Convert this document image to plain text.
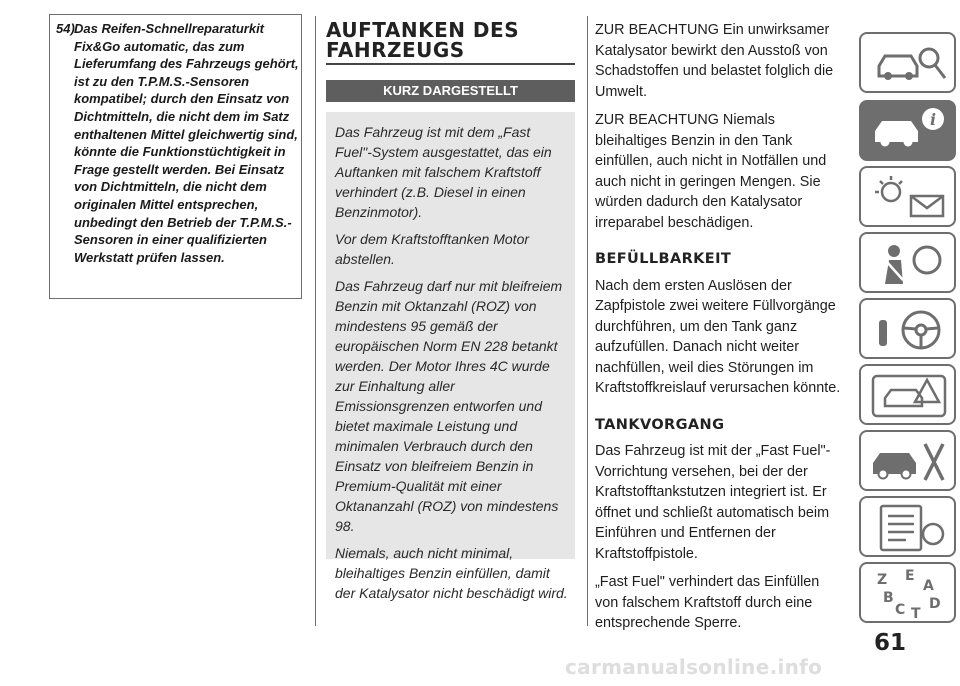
54) Das Reifen-Schnellreparaturkit Fix&Go automatic, das zum Lieferumfang des Fahrzeugs gehört, ist zu den T.P.M.S.-Sensoren kompatibel; durch den Einsatz von Dichtmitteln, die nicht dem im Satz enthaltenen Mittel gleichwertig sind, könnte die Funktionstüchtigkeit in Frage gestellt werden. Bei Einsatz von Dichtmitteln, die nicht dem originalen Mittel entsprechen, unbedingt den Betrieb der T.P.M.S.-Sensoren in einer qualifizierten Werkstatt prüfen lassen.

AUFTANKEN DES FAHRZEUGS
KURZ DARGESTELLT

Das Fahrzeug ist mit dem „Fast Fuel"-System ausgestattet, das ein Auftanken mit falschem Kraftstoff verhindert (z.B. Diesel in einen Benzinmotor).

Vor dem Kraftstofftanken Motor abstellen.

Das Fahrzeug darf nur mit bleifreiem Benzin mit Oktanzahl (ROZ) von mindestens 95 gemäß der europäischen Norm EN 228 betankt werden. Der Motor Ihres 4C wurde zur Einhaltung aller Emissionsgrenzen entworfen und bietet maximale Leistung und minimalen Verbrauch durch den Einsatz von bleifreiem Benzin in Premium-Qualität mit einer Oktananzahl (ROZ) von mindestens 98.

Niemals, auch nicht minimal, bleihaltiges Benzin einfüllen, damit der Katalysator nicht beschädigt wird.

ZUR BEACHTUNG Ein unwirksamer Katalysator bewirkt den Ausstoß von Schadstoffen und belastet folglich die Umwelt.

ZUR BEACHTUNG Niemals bleihaltiges Benzin in den Tank einfüllen, auch nicht in Notfällen und auch nicht in geringen Mengen. Sie würden dadurch den Katalysator irreparabel beschädigen.

BEFÜLLBARKEIT

Nach dem ersten Auslösen der Zapfpistole zwei weitere Füllvorgänge durchführen, um den Tank ganz aufzufüllen. Danach nicht weiter nachfüllen, weil dies Störungen im Kraftstoffkreislauf verursachen könnte.

TANKVORGANG

Das Fahrzeug ist mit der „Fast Fuel"-Vorrichtung versehen, bei der der Kraftstofftankstutzen integriert ist. Er öffnet und schließt automatisch beim Einführen und Entfernen der Kraftstoffpistole.

„Fast Fuel" verhindert das Einfüllen von falschem Kraftstoff durch eine entsprechende Sperre.

i
Z E
A
B
C T
D
61
carmanualsonline.info
